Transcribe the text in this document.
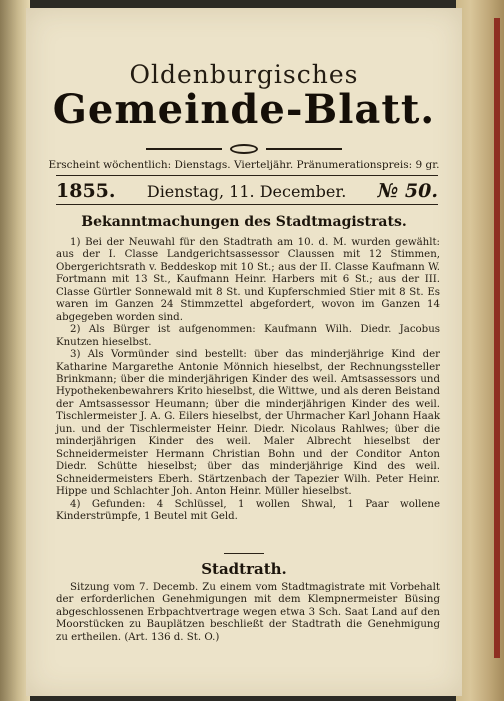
Oldenburgisches
Gemeinde-Blatt.
Erscheint wöchentlich: Dienstags. Vierteljähr. Pränumerationspreis: 9 gr.
1855. Dienstag, 11. December. № 50.
Bekanntmachungen des Stadtmagistrats.

1) Bei der Neuwahl für den Stadtrath am 10. d. M. wurden gewählt: aus der I. Classe Landgerichtsassessor Claussen mit 12 Stimmen, Obergerichtsrath v. Beddeskop mit 10 St.; aus der II. Classe Kaufmann W. Fortmann mit 13 St., Kaufmann Heinr. Harbers mit 6 St.; aus der III. Classe Gürtler Sonnewald mit 8 St. und Kupferschmied Stier mit 8 St. Es waren im Ganzen 24 Stimmzettel abgefordert, wovon im Ganzen 14 abgegeben worden sind.

2) Als Bürger ist aufgenommen: Kaufmann Wilh. Diedr. Jacobus Knutzen hieselbst.

3) Als Vormünder sind bestellt: über das minderjährige Kind der Katharine Margarethe Antonie Mönnich hieselbst, der Rechnungssteller Brinkmann; über die minderjährigen Kinder des weil. Amtsassessors und Hypothekenbewahrers Krito hieselbst, die Wittwe, und als deren Beistand der Amtsassessor Heumann; über die minderjährigen Kinder des weil. Tischlermeister J. A. G. Eilers hieselbst, der Uhrmacher Karl Johann Haak jun. und der Tischlermeister Heinr. Diedr. Nicolaus Rahlwes; über die minderjährigen Kinder des weil. Maler Albrecht hieselbst der Schneidermeister Hermann Christian Bohn und der Conditor Anton Diedr. Schütte hieselbst; über das minderjährige Kind des weil. Schneidermeisters Eberh. Stärtzenbach der Tapezier Wilh. Peter Heinr. Hippe und Schlachter Joh. Anton Heinr. Müller hieselbst.

4) Gefunden: 4 Schlüssel, 1 wollen Shwal, 1 Paar wollene Kinderstrümpfe, 1 Beutel mit Geld.

Stadtrath.

Sitzung vom 7. Decemb. Zu einem vom Stadtmagistrate mit Vorbehalt der erforderlichen Genehmigungen mit dem Klempnermeister Büsing abgeschlossenen Erbpachtvertrage wegen etwa 3 Sch. Saat Land auf den Moorstücken zu Bauplätzen beschließt der Stadtrath die Genehmigung zu ertheilen. (Art. 136 d. St. O.)
